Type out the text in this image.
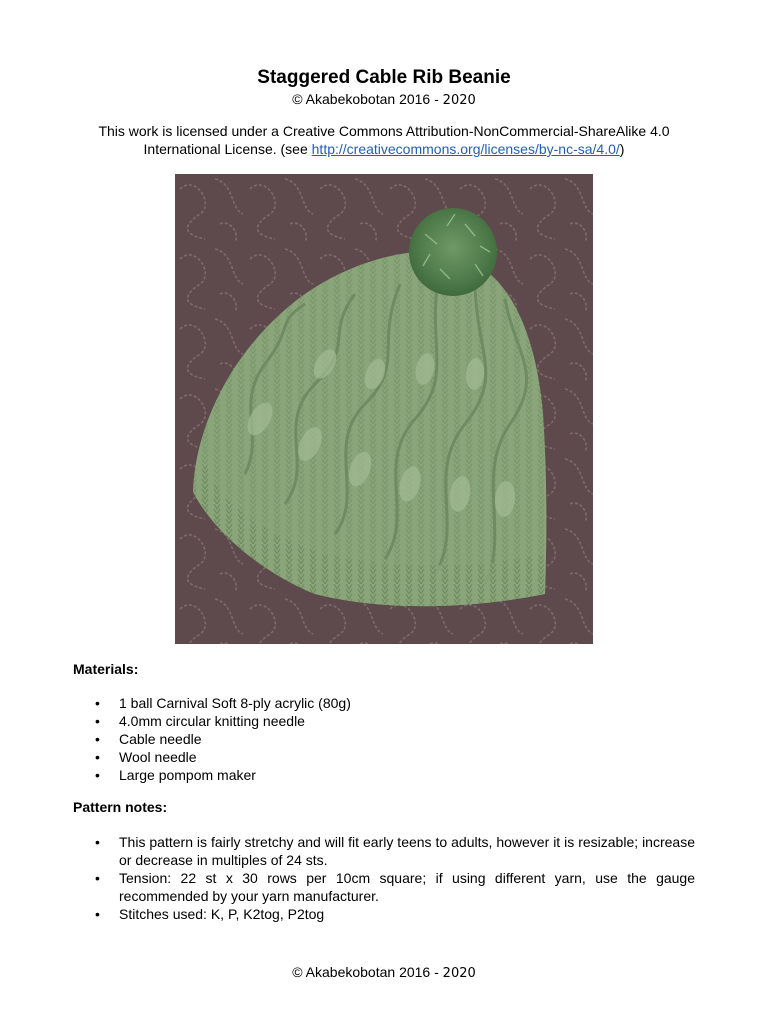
Staggered Cable Rib Beanie
© Akabekobotan 2016 - 2020
This work is licensed under a Creative Commons Attribution-NonCommercial-ShareAlike 4.0 International License. (see http://creativecommons.org/licenses/by-nc-sa/4.0/)
Materials:
• 1 ball Carnival Soft 8-ply acrylic (80g)
• 4.0mm circular knitting needle
• Cable needle
• Wool needle
• Large pompom maker
Pattern notes:
• This pattern is fairly stretchy and will fit early teens to adults, however it is resizable; increase or decrease in multiples of 24 sts.
• Tension: 22 st x 30 rows per 10cm square; if using different yarn, use the gauge recommended by your yarn manufacturer.
• Stitches used: K, P, K2tog, P2tog
© Akabekobotan 2016 - 2020
